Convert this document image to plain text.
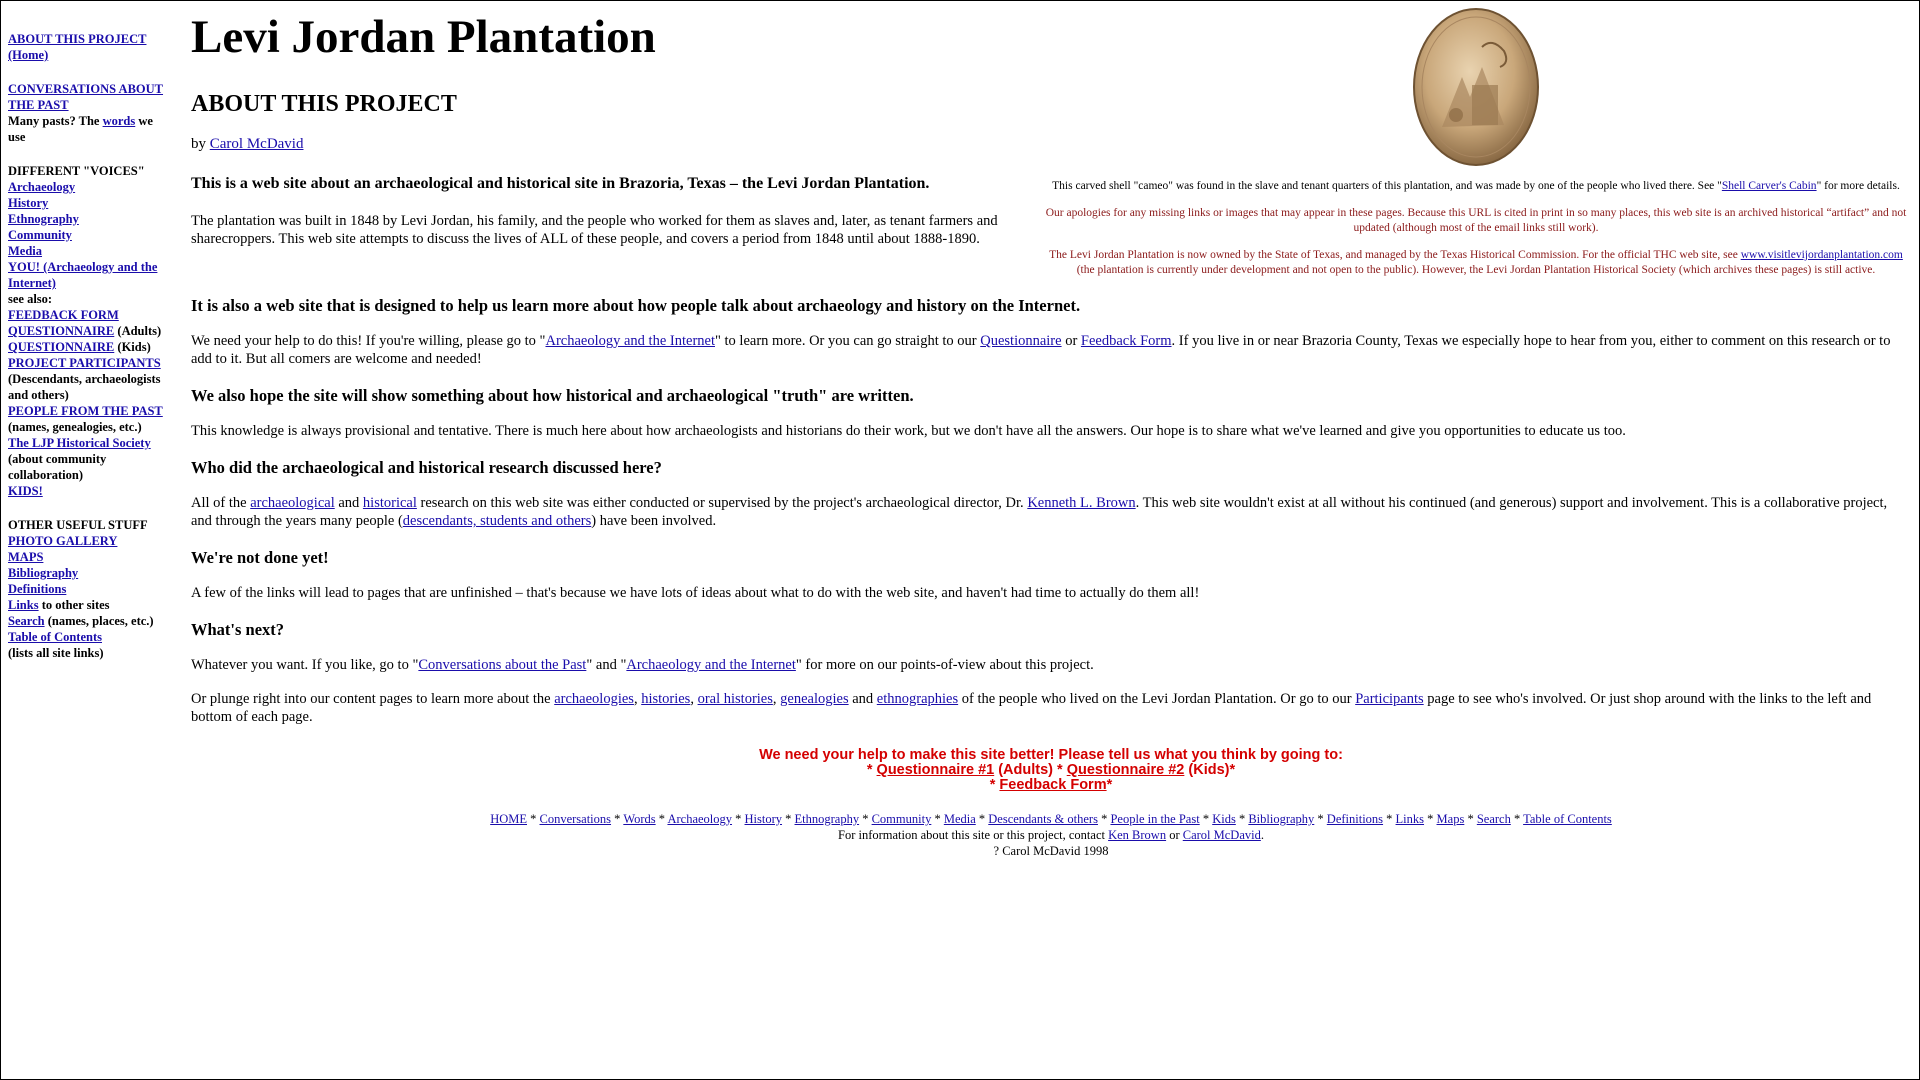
ABOUT THIS PROJECT
(Home)
CONVERSATIONS ABOUT THE PAST
Many pasts? The words we use
DIFFERENT "VOICES"
Archaeology
History
Ethnography
Community
Media
YOU! (Archaeology and the Internet)
see also:
FEEDBACK FORM
QUESTIONNAIRE (Adults)
QUESTIONNAIRE (Kids)
PROJECT PARTICIPANTS
(Descendants, archaeologists and others)
PEOPLE FROM THE PAST
(names, genealogies, etc.)
The LJP Historical Society
(about community collaboration)
KIDS!
OTHER USEFUL STUFF
PHOTO GALLERY
MAPS
Bibliography
Definitions
Links to other sites
Search (names, places, etc.)
Table of Contents
(lists all site links)
Levi Jordan Plantation
ABOUT THIS PROJECT
by Carol McDavid
This is a web site about an archaeological and historical site in Brazoria, Texas – the Levi Jordan Plantation.

The plantation was built in 1848 by Levi Jordan, his family, and the people who worked for them as slaves and, later, as tenant farmers and sharecroppers. This web site attempts to discuss the lives of ALL of these people, and covers a period from 1848 until about 1888-1890.

This carved shell "cameo" was found in the slave and tenant quarters of this plantation, and was made by one of the people who lived there. See "Shell Carver's Cabin" for more details.
Our apologies for any missing links or images that may appear in these pages. Because this URL is cited in print in so many places, this web site is an archived historical “artifact” and not updated (although most of the email links still work).
The Levi Jordan Plantation is now owned by the State of Texas, and managed by the Texas Historical Commission. For the official THC web site, see www.visitlevijordanplantation.com (the plantation is currently under development and not open to the public). However, the Levi Jordan Plantation Historical Society (which archives these pages) is still active.
It is also a web site that is designed to help us learn more about how people talk about archaeology and history on the Internet.

We need your help to do this! If you're willing, please go to "Archaeology and the Internet" to learn more. Or you can go straight to our Questionnaire or Feedback Form. If you live in or near Brazoria County, Texas we especially hope to hear from you, either to comment on this research or to add to it. But all comers are welcome and needed!

We also hope the site will show something about how historical and archaeological "truth" are written.

This knowledge is always provisional and tentative. There is much here about how archaeologists and historians do their work, but we don't have all the answers. Our hope is to share what we've learned and give you opportunities to educate us too.

Who did the archaeological and historical research discussed here?

All of the archaeological and historical research on this web site was either conducted or supervised by the project's archaeological director, Dr. Kenneth L. Brown. This web site wouldn't exist at all without his continued (and generous) support and involvement. This is a collaborative project, and through the years many people (descendants, students and others) have been involved.

We're not done yet!

A few of the links will lead to pages that are unfinished – that's because we have lots of ideas about what to do with the web site, and haven't had time to actually do them all!

What's next?

Whatever you want. If you like, go to "Conversations about the Past" and "Archaeology and the Internet" for more on our points-of-view about this project.

Or plunge right into our content pages to learn more about the archaeologies, histories, oral histories, genealogies and ethnographies of the people who lived on the Levi Jordan Plantation. Or go to our Participants page to see who's involved. Or just shop around with the links to the left and bottom of each page.

We need your help to make this site better! Please tell us what you think by going to:
* Questionnaire #1 (Adults) * Questionnaire #2 (Kids)*
* Feedback Form*
HOME * Conversations * Words * Archaeology * History * Ethnography * Community * Media * Descendants & others * People in the Past * Kids * Bibliography * Definitions * Links * Maps * Search * Table of Contents
For information about this site or this project, contact Ken Brown or Carol McDavid.
? Carol McDavid 1998
